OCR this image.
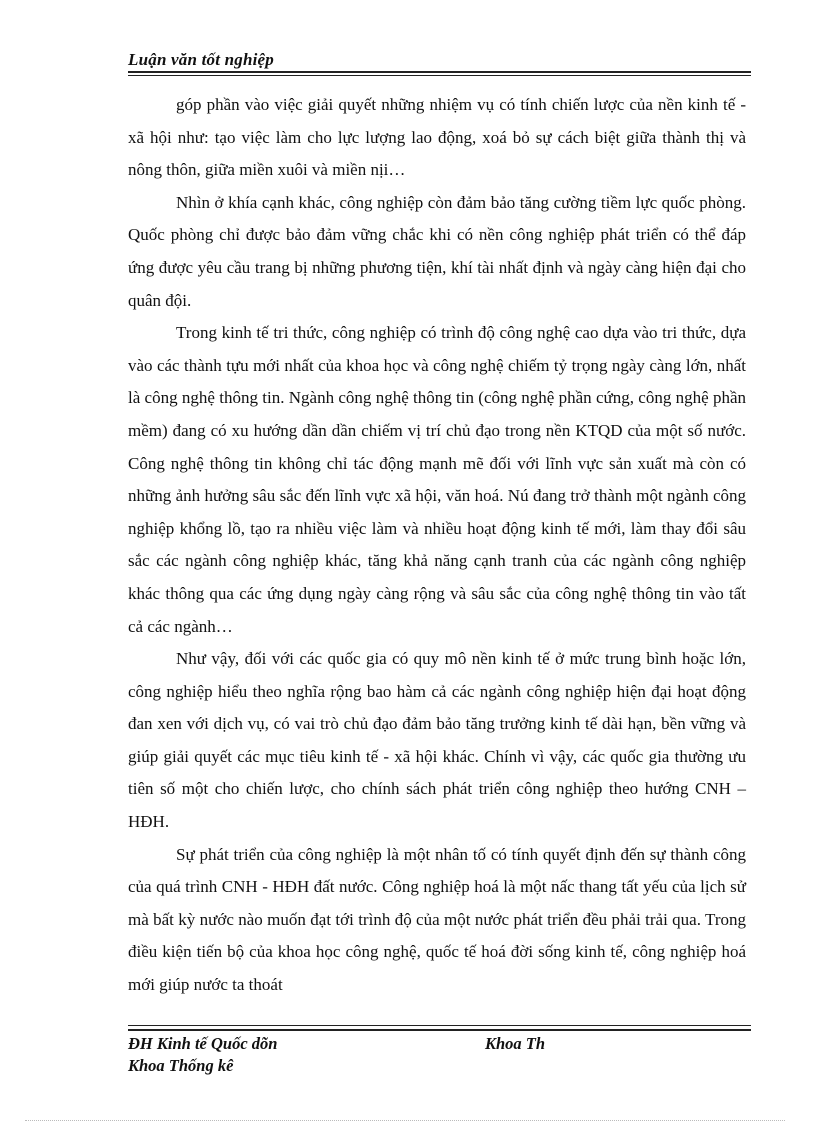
Luận văn tốt nghiệp

góp phần vào việc giải quyết những nhiệm vụ có tính chiến lược của nền kinh tế - xã hội như: tạo việc làm cho lực lượng lao động, xoá bỏ sự cách biệt giữa thành thị và nông thôn, giữa miền xuôi và miền nịi…

Nhìn ở khía cạnh khác, công nghiệp còn đảm bảo tăng cường tiềm lực quốc phòng. Quốc phòng chỉ được bảo đảm vững chắc khi có nền công nghiệp phát triển có thể đáp ứng được yêu cầu trang bị những phương tiện, khí tài nhất định và ngày càng hiện đại cho quân đội.

Trong kinh tế tri thức, công nghiệp có trình độ công nghệ cao dựa vào tri thức, dựa vào các thành tựu mới nhất của khoa học và công nghệ chiếm tỷ trọng ngày càng lớn, nhất là công nghệ thông tin. Ngành công nghệ thông tin (công nghệ phần cứng, công nghệ phần mềm) đang có xu hướng dần dần chiếm vị trí chủ đạo trong nền KTQD của một số nước. Công nghệ thông tin không chỉ tác động mạnh mẽ đối với lĩnh vực sản xuất mà còn có những ảnh hưởng sâu sắc đến lĩnh vực xã hội, văn hoá. Nú đang trở thành một ngành công nghiệp khổng lồ, tạo ra nhiều việc làm và nhiều hoạt động kinh tế mới, làm thay đổi sâu sắc các ngành công nghiệp khác, tăng khả năng cạnh tranh của các ngành công nghiệp khác thông qua các ứng dụng ngày càng rộng và sâu sắc của công nghệ thông tin vào tất cả các ngành…

Như vậy, đối với các quốc gia có quy mô nền kinh tế ở mức trung bình hoặc lớn, công nghiệp hiểu theo nghĩa rộng bao hàm cả các ngành công nghiệp hiện đại hoạt động đan xen với dịch vụ, có vai trò chủ đạo đảm bảo tăng trưởng kinh tế dài hạn, bền vững và giúp giải quyết các mục tiêu kinh tế - xã hội khác. Chính vì vậy, các quốc gia thường ưu tiên số một cho chiến lược, cho chính sách phát triển công nghiệp theo hướng CNH – HĐH.

Sự phát triển của công nghiệp là một nhân tố có tính quyết định đến sự thành công của quá trình CNH - HĐH đất nước. Công nghiệp hoá là một nấc thang tất yếu của lịch sử mà bất kỳ nước nào muốn đạt tới trình độ của một nước phát triển đều phải trải qua. Trong điều kiện tiến bộ của khoa học công nghệ, quốc tế hoá đời sống kinh tế, công nghiệp hoá mới giúp nước ta thoát

ĐH Kinh tế Quốc dõn	Khoa Th
Khoa Thống kê
